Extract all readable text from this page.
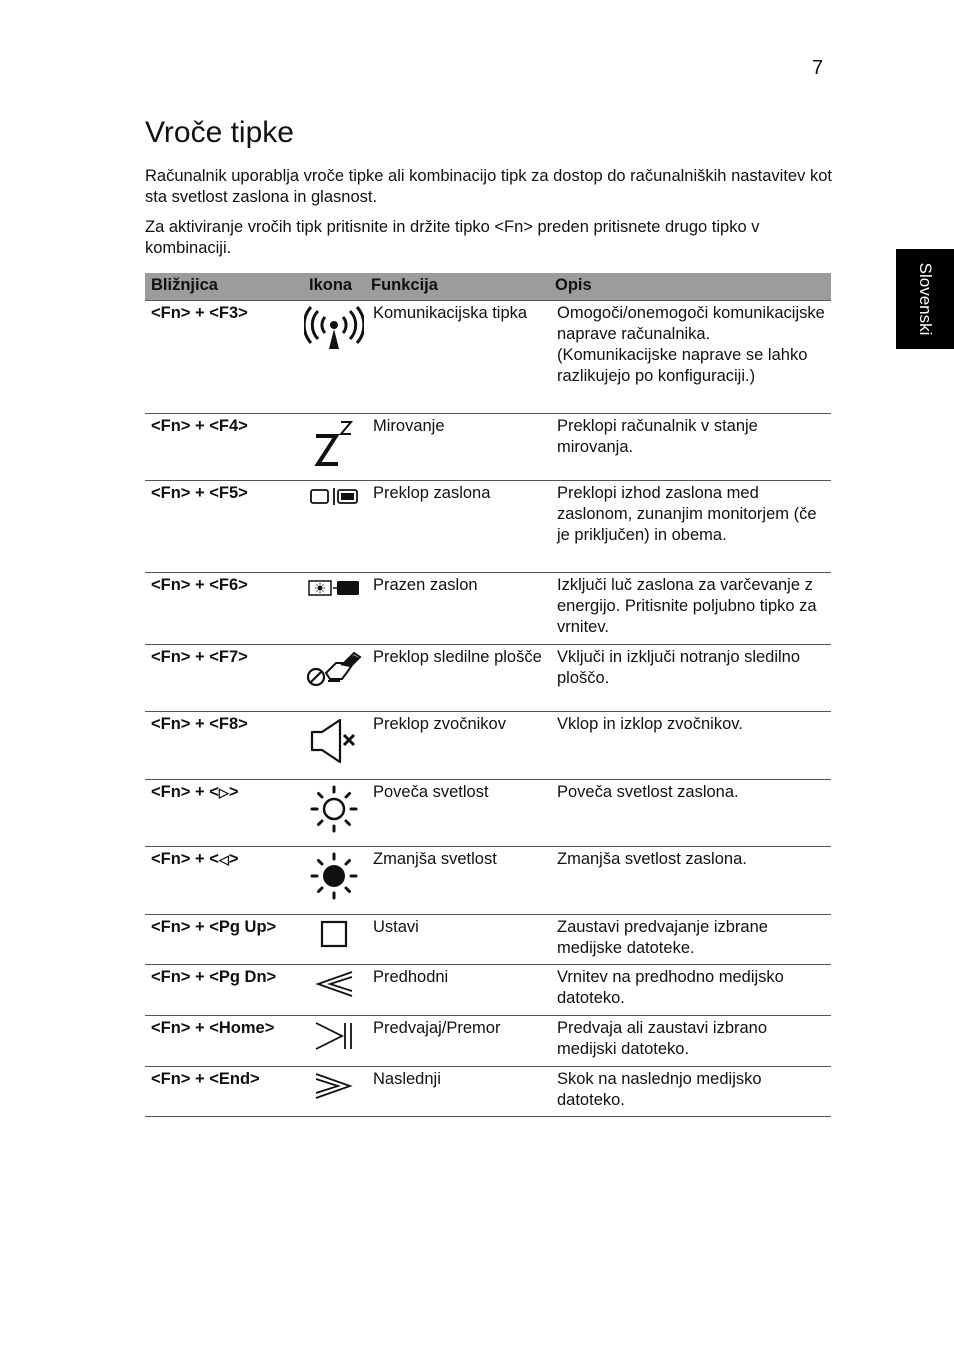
7
Vroče tipke

Računalnik uporablja vroče tipke ali kombinacijo tipk za dostop do računalniških nastavitev kot sta svetlost zaslona in glasnost.

Za aktiviranje vročih tipk pritisnite in držite tipko <Fn> preden pritisnete drugo tipko v kombinaciji.

Slovenski
Bližnjica	Ikona	Funkcija	Opis
<Fn> + <F3>		Komunikacijska tipka	Omogoči/onemogoči komunikacijske naprave računalnika. (Komunikacijske naprave se lahko razlikujejo po konfiguraciji.)
<Fn> + <F4>		Mirovanje	Preklopi računalnik v stanje mirovanja.
<Fn> + <F5>		Preklop zaslona	Preklopi izhod zaslona med zaslonom, zunanjim monitorjem (če je priključen) in obema.
<Fn> + <F6>		Prazen zaslon	Izključi luč zaslona za varčevanje z energijo. Pritisnite poljubno tipko za vrnitev.
<Fn> + <F7>		Preklop sledilne plošče	Vključi in izključi notranjo sledilno ploščo.
<Fn> + <F8>		Preklop zvočnikov	Vklop in izklop zvočnikov.
<Fn> + <▷>		Poveča svetlost	Poveča svetlost zaslona.
<Fn> + <◁>		Zmanjša svetlost	Zmanjša svetlost zaslona.
<Fn> + <Pg Up>		Ustavi	Zaustavi predvajanje izbrane medijske datoteke.
<Fn> + <Pg Dn>		Predhodni	Vrnitev na predhodno medijsko datoteko.
<Fn> + <Home>		Predvajaj/Premor	Predvaja ali zaustavi izbrano medijski datoteko.
<Fn> + <End>		Naslednji	Skok na naslednjo medijsko datoteko.
